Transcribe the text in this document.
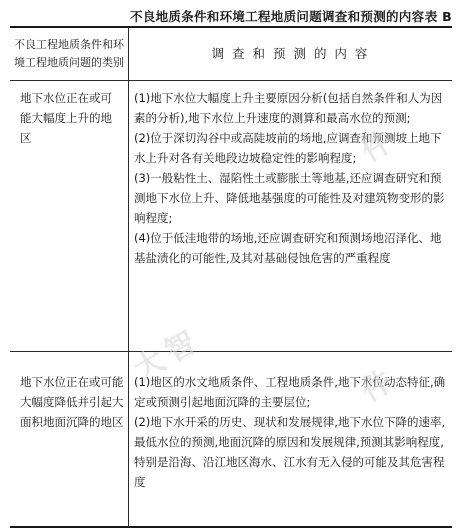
不良地质条件和环境工程地质问题调查和预测的内容 表 B
不良工程地质条件和环境工程地质问题的类别
调 查 和 预 测 的 内 容
地下水位正在或可能大幅度上升的地区

(1)地下水位大幅度上升主要原因分析(包括自然条件和人为因素的分析),地下水位上升速度的测算和最高水位的预测;

(2)位于深切沟谷中或高陡坡前的场地,应调查和预测坡上地下水上升对各有关地段边坡稳定性的影响程度;

(3)一般粘性土、湿陷性土或膨胀土等地基,还应调查研究和预测地下水位上升、降低地基强度的可能性及对建筑物变形的影响程度;

(4)位于低洼地带的场地,还应调查研究和预测场地沼泽化、地基盐渍化的可能性,及其对基础侵蚀危害的严重程度

地下水位正在或可能大幅度降低并引起大面积地面沉降的地区

(1)地区的水文地质条件、工程地质条件,地下水位动态特征,确定或预测引起地面沉降的主要层位;

(2)地下水开采的历史、现状和发展规律,地下水位下降的速率,最低水位的预测,地面沉降的原因和发展规律,预测其影响程度,特别是沿海、沿江地区海水、江水有无入侵的可能及其危害程度

件
大智	件
